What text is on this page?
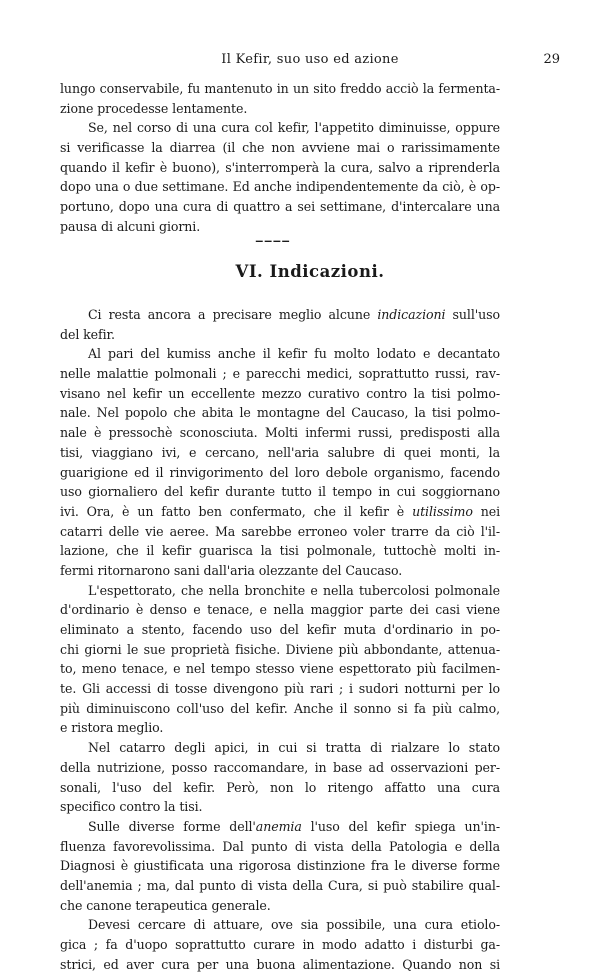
Il Kefir, suo uso ed azione	29
lungo conservabile, fu mantenuto in un sito freddo acciò la fermenta-
zione procedesse lentamente.
Se, nel corso di una cura col kefir, l'appetito diminuisse, oppure
si verificasse la diarrea (il che non avviene mai o rarissimamente
quando il kefir è buono), s'interromperà la cura, salvo a riprenderla
dopo una o due settimane. Ed anche indipendentemente da ciò, è op-
portuno, dopo una cura di quattro a sei settimane, d'intercalare una
pausa di alcuni giorni.
––––
VI. Indicazioni.
Ci resta ancora a precisare meglio alcune indicazioni sull'uso
del kefir.
Al pari del kumiss anche il kefir fu molto lodato e decantato
nelle malattie polmonali ; e parecchi medici, soprattutto russi, rav-
visano nel kefir un eccellente mezzo curativo contro la tisi polmo-
nale. Nel popolo che abita le montagne del Caucaso, la tisi polmo-
nale è pressochè sconosciuta. Molti infermi russi, predisposti alla
tisi, viaggiano ivi, e cercano, nell'aria salubre di quei monti, la
guarigione ed il rinvigorimento del loro debole organismo, facendo
uso giornaliero del kefir durante tutto il tempo in cui soggiornano
ivi. Ora, è un fatto ben confermato, che il kefir è utilissimo nei
catarri delle vie aeree. Ma sarebbe erroneo voler trarre da ciò l'il-
lazione, che il kefir guarisca la tisi polmonale, tuttochè molti in-
fermi ritornarono sani dall'aria olezzante del Caucaso.
L'espettorato, che nella bronchite e nella tubercolosi polmonale
d'ordinario è denso e tenace, e nella maggior parte dei casi viene
eliminato a stento, facendo uso del kefir muta d'ordinario in po-
chi giorni le sue proprietà fisiche. Diviene più abbondante, attenua-
to, meno tenace, e nel tempo stesso viene espettorato più facilmen-
te. Gli accessi di tosse divengono più rari ; i sudori notturni per lo
più diminuiscono coll'uso del kefir. Anche il sonno si fa più calmo,
e ristora meglio.
Nel catarro degli apici, in cui si tratta di rialzare lo stato
della nutrizione, posso raccomandare, in base ad osservazioni per-
sonali, l'uso del kefir. Però, non lo ritengo affatto una cura
specifico contro la tisi.
Sulle diverse forme dell'anemia l'uso del kefir spiega un'in-
fluenza favorevolissima. Dal punto di vista della Patologia e della
Diagnosi è giustificata una rigorosa distinzione fra le diverse forme
dell'anemia ; ma, dal punto di vista della Cura, si può stabilire qual-
che canone terapeutica generale.
Devesi cercare di attuare, ove sia possibile, una cura etiolo-
gica ; fa d'uopo soprattutto curare in modo adatto i disturbi ga-
strici, ed aver cura per una buona alimentazione. Quando non si
